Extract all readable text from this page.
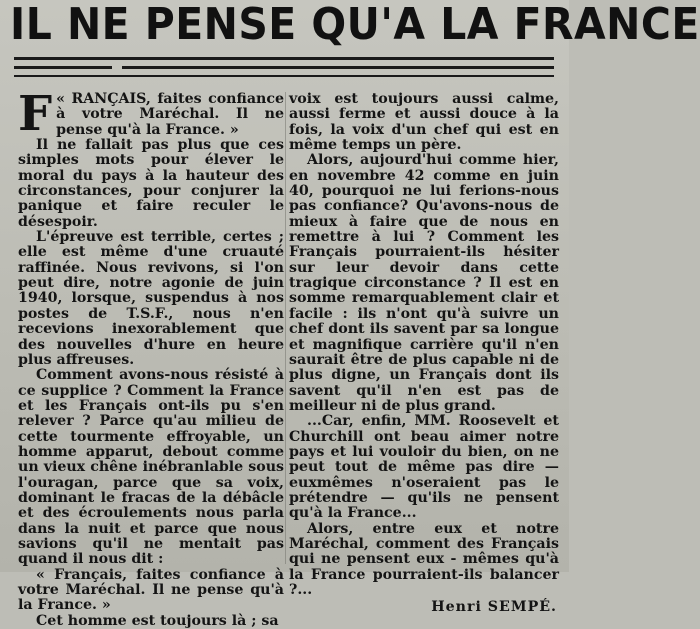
IL NE PENSE QU'A LA FRANCE

F « RANÇAIS, faites confiance à votre Maréchal. Il ne pense qu'à la France. »

Il ne fallait pas plus que ces simples mots pour élever le moral du pays à la hauteur des circonstances, pour conjurer la panique et faire reculer le désespoir.

L'épreuve est terrible, certes ; elle est même d'une cruauté raffinée. Nous revivons, si l'on peut dire, notre agonie de juin 1940, lorsque, suspendus à nos postes de T.S.F., nous n'en recevions inexorablement que des nouvelles d'hure en heure plus affreuses.

Comment avons-nous résisté à ce supplice ? Comment la France et les Français ont-ils pu s'en relever ? Parce qu'au milieu de cette tourmente effroyable, un homme apparut, debout comme un vieux chêne inébranlable sous l'ouragan, parce que sa voix, dominant le fracas de la débâcle et des écroulements nous parla dans la nuit et parce que nous savions qu'il ne mentait pas quand il nous dit :

« Français, faites confiance à votre Maréchal. Il ne pense qu'à la France. »

Cet homme est toujours là ; sa

voix est toujours aussi calme, aussi ferme et aussi douce à la fois, la voix d'un chef qui est en même temps un père.

Alors, aujourd'hui comme hier, en novembre 42 comme en juin 40, pourquoi ne lui ferions-nous pas confiance? Qu'avons-nous de mieux à faire que de nous en remettre à lui ? Comment les Français pourraient-ils hésiter sur leur devoir dans cette tragique circonstance ? Il est en somme remarquablement clair et facile : ils n'ont qu'à suivre un chef dont ils savent par sa longue et magnifique carrière qu'il n'en saurait être de plus capable ni de plus digne, un Français dont ils savent qu'il n'en est pas de meilleur ni de plus grand.

...Car, enfin, MM. Roosevelt et Churchill ont beau aimer notre pays et lui vouloir du bien, on ne peut tout de même pas dire — euxmêmes n'oseraient pas le prétendre — qu'ils ne pensent qu'à la France...

Alors, entre eux et notre Maréchal, comment des Français qui ne pensent eux - mêmes qu'à la France pourraient-ils balancer ?...

Henri SEMPÉ.
